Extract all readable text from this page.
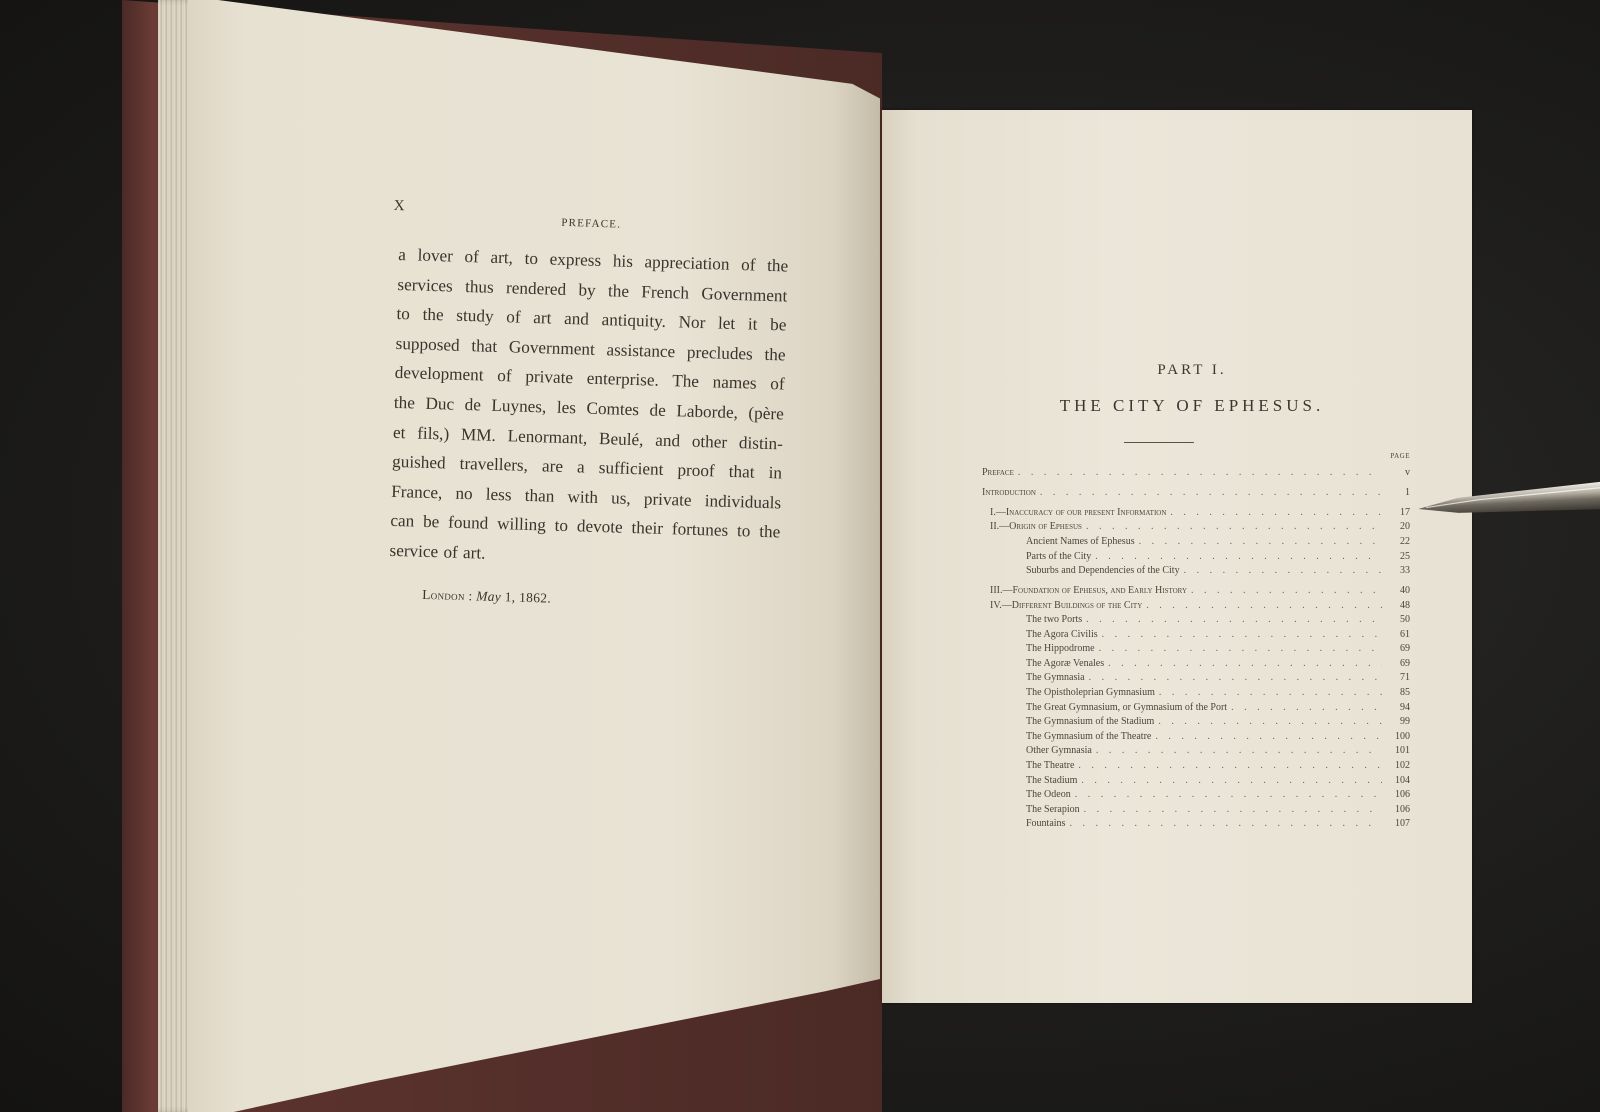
X
PREFACE.
a lover of art, to express his appreciation of the
services thus rendered by the French Government
to the study of art and antiquity. Nor let it be
supposed that Government assistance precludes the
development of private enterprise. The names of
the Duc de Luynes, les Comtes de Laborde, (père
et fils,) MM. Lenormant, Beulé, and other distin-
guished travellers, are a sufficient proof that in
France, no less than with us, private individuals
can be found willing to devote their fortunes to the
service of art.
London : May 1, 1862.
PART I.
THE CITY OF EPHESUS.
PAGE
Preface . . .	v
Introduction . . .	1
I.—Inaccuracy of our present Information . . .	17
II.—Origin of Ephesus . . .	20
Ancient Names of Ephesus . . .	22
Parts of the City . . .	25
Suburbs and Dependencies of the City . . .	33
III.—Foundation of Ephesus, and Early History . . .	40
IV.—Different Buildings of the City . . .	48
The two Ports . . .	50
The Agora Civilis . . .	61
The Hippodrome . . .	69
The Agoræ Venales . . .	69
The Gymnasia . . .	71
The Opistholeprian Gymnasium . . .	85
The Great Gymnasium, or Gymnasium of the Port . . .	94
The Gymnasium of the Stadium . . .	99
The Gymnasium of the Theatre . . .	100
Other Gymnasia . . .	101
The Theatre . . .	102
The Stadium . . .	104
The Odeon . . .	106
The Serapion . . .	106
Fountains . . .	107
